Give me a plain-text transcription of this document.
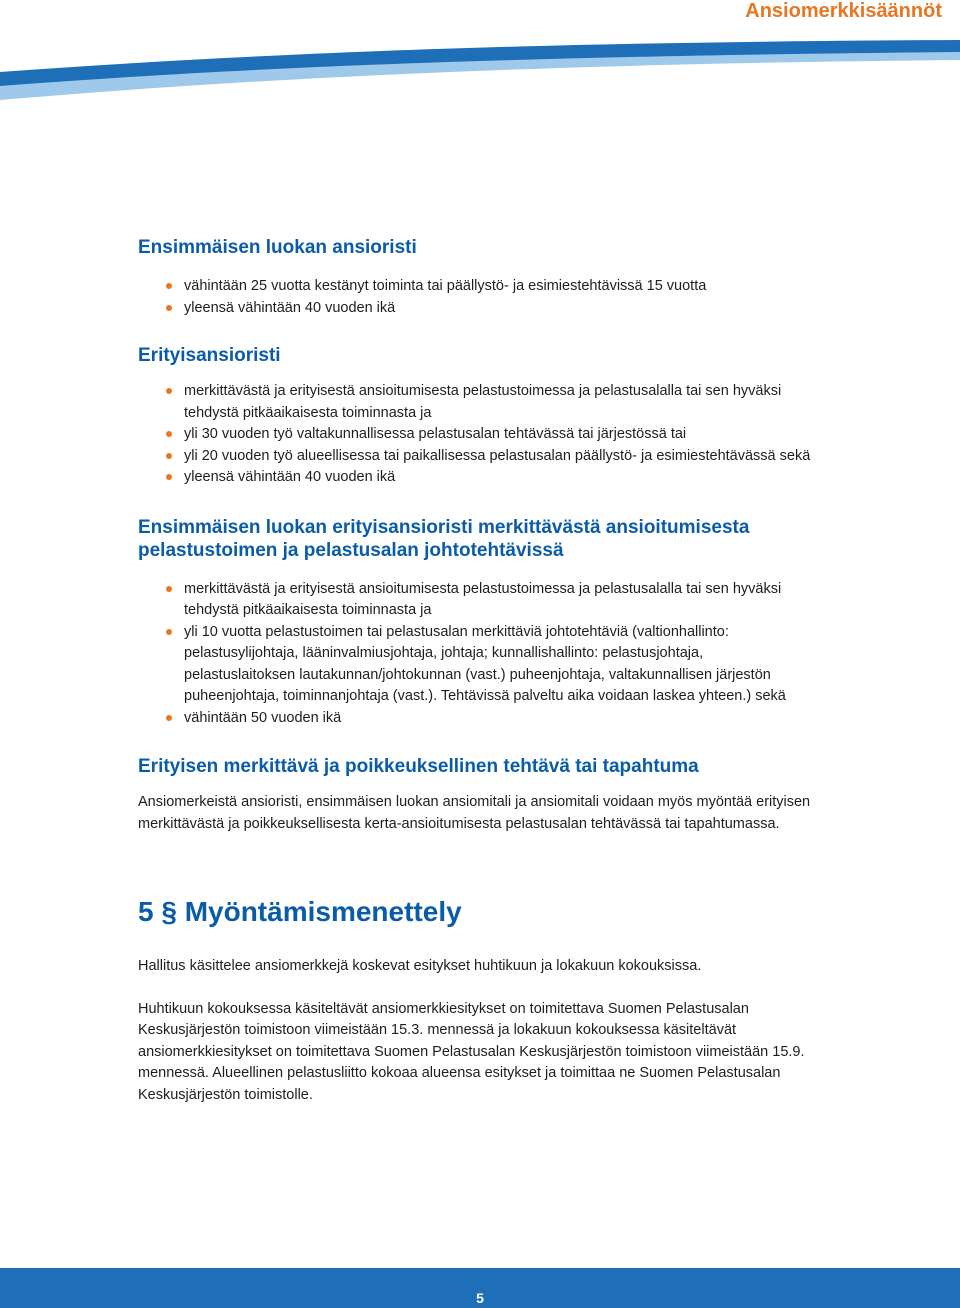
Ansiomerkkisäännöt
Ensimmäisen luokan ansioristi
vähintään 25 vuotta kestänyt toiminta tai päällystö- ja esimiestehtävissä 15 vuotta
yleensä vähintään 40 vuoden ikä
Erityisansioristi
merkittävästä ja erityisestä ansioitumisesta pelastustoimessa ja pelastusalalla tai sen hyväksi tehdystä pitkäaikaisesta toiminnasta ja
yli 30 vuoden työ valtakunnallisessa pelastusalan tehtävässä tai järjestössä tai
yli 20 vuoden työ alueellisessa tai paikallisessa pelastusalan päällystö- ja esimiestehtävässä sekä
yleensä vähintään 40 vuoden ikä
Ensimmäisen luokan erityisansioristi merkittävästä ansioitumisesta pelastustoimen ja pelastusalan johtotehtävissä
merkittävästä ja erityisestä ansioitumisesta pelastustoimessa ja pelastusalalla tai sen hyväksi tehdystä pitkäaikaisesta toiminnasta ja
yli 10 vuotta pelastustoimen tai pelastusalan merkittäviä johtotehtäviä (valtionhallinto: pelastusylijohtaja, lääninvalmiusjohtaja, johtaja; kunnallishallinto: pelastusjohtaja, pelastuslaitoksen lautakunnan/johtokunnan (vast.) puheenjohtaja, valtakunnallisen järjestön puheenjohtaja, toiminnanjohtaja (vast.). Tehtävissä palveltu aika voidaan laskea yhteen.) sekä
vähintään 50 vuoden ikä
Erityisen merkittävä ja poikkeuksellinen tehtävä tai tapahtuma

Ansiomerkeistä ansioristi, ensimmäisen luokan ansiomitali ja ansiomitali voidaan myös myöntää erityisen merkittävästä ja poikkeuksellisesta kerta-ansioitumisesta pelastusalan tehtävässä tai tapahtumassa.

5 § Myöntämismenettely

Hallitus käsittelee ansiomerkkejä koskevat esitykset huhtikuun ja lokakuun kokouksissa.

Huhtikuun kokouksessa käsiteltävät ansiomerkkiesitykset on toimitettava Suomen Pelastusalan Keskusjärjestön toimistoon viimeistään 15.3. mennessä ja lokakuun kokouksessa käsiteltävät ansiomerkkiesitykset on toimitettava Suomen Pelastusalan Keskusjärjestön toimistoon viimeistään 15.9. mennessä. Alueellinen pelastusliitto kokoaa alueensa esitykset ja toimittaa ne Suomen Pelastusalan Keskusjärjestön toimistolle.

5
